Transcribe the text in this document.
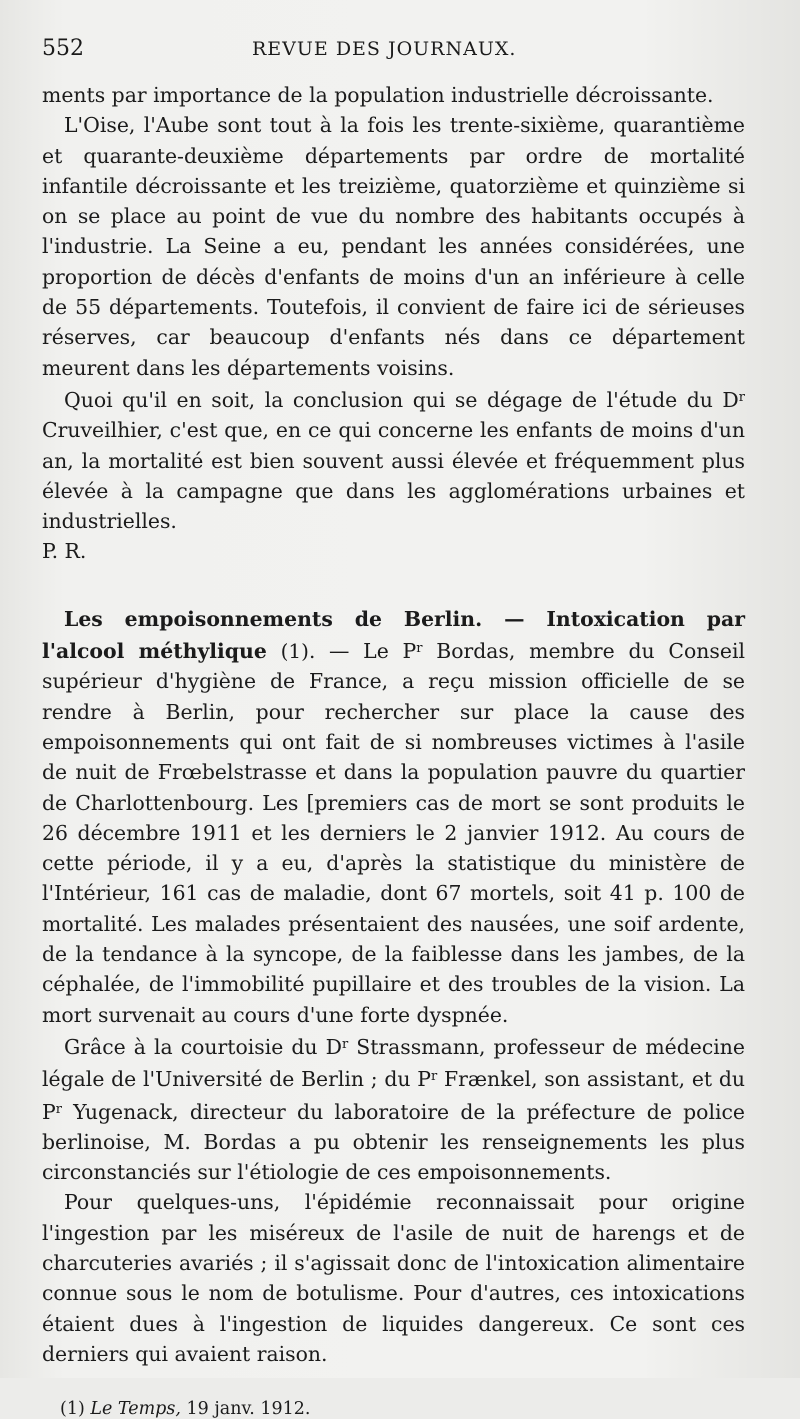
552	REVUE DES JOURNAUX.

ments par importance de la population industrielle décroissante.

L'Oise, l'Aube sont tout à la fois les trente-sixième, quarantième et quarante-deuxième départements par ordre de mortalité infantile décroissante et les treizième, quatorzième et quinzième si on se place au point de vue du nombre des habitants occupés à l'industrie. La Seine a eu, pendant les années considérées, une proportion de décès d'enfants de moins d'un an inférieure à celle de 55 départements. Toutefois, il convient de faire ici de sérieuses réserves, car beaucoup d'enfants nés dans ce département meurent dans les départements voisins.

Quoi qu'il en soit, la conclusion qui se dégage de l'étude du $D^r$ Cruveilhier, c'est que, en ce qui concerne les enfants de moins d'un an, la mortalité est bien souvent aussi élevée et fréquemment plus élevée à la campagne que dans les agglomérations urbaines et industrielles.

P. R.

Les empoisonnements de Berlin. — Intoxication par l'alcool méthylique (1). — Le $P^r$ Bordas, membre du Conseil supérieur d'hygiène de France, a reçu mission officielle de se rendre à Berlin, pour rechercher sur place la cause des empoisonnements qui ont fait de si nombreuses victimes à l'asile de nuit de Frœbelstrasse et dans la population pauvre du quartier de Charlottenbourg. Les [premiers cas de mort se sont produits le 26 décembre 1911 et les derniers le 2 janvier 1912. Au cours de cette période, il y a eu, d'après la statistique du ministère de l'Intérieur, 161 cas de maladie, dont 67 mortels, soit 41 p. 100 de mortalité. Les malades présentaient des nausées, une soif ardente, de la tendance à la syncope, de la faiblesse dans les jambes, de la céphalée, de l'immobilité pupillaire et des troubles de la vision. La mort survenait au cours d'une forte dyspnée.

Grâce à la courtoisie du $D^r$ Strassmann, professeur de médecine légale de l'Université de Berlin ; du $P^r$ Frænkel, son assistant, et du $P^r$ Yugenack, directeur du laboratoire de la préfecture de police berlinoise, M. Bordas a pu obtenir les renseignements les plus circonstanciés sur l'étiologie de ces empoisonnements.

Pour quelques-uns, l'épidémie reconnaissait pour origine l'ingestion par les miséreux de l'asile de nuit de harengs et de charcuteries avariés ; il s'agissait donc de l'intoxication alimentaire connue sous le nom de botulisme. Pour d'autres, ces intoxications étaient dues à l'ingestion de liquides dangereux. Ce sont ces derniers qui avaient raison.

(1) Le Temps, 19 janv. 1912.
